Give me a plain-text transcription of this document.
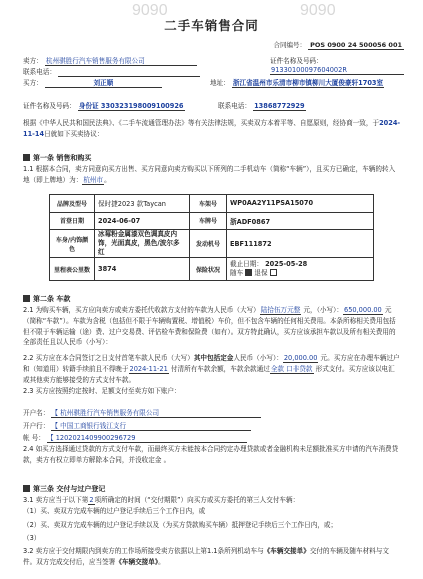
9090	9090
二手车销售合同
合同编号： POS 0900 24 500056 001
卖方： 杭州骐胜行汽车销售服务有限公司	证件名称及号码：
联系电话：	91330100097604002R
买方：	刘正顺	地址： 浙江省温州市乐清市柳市镇柳川大厦俊豪轩1703室
证件名称及号码： 身份证 330323198009100926	联系电话： 13868772929
根据《中华人民共和国民法典》、《二手车流通管理办法》等有关法律法规，买卖双方本着平等、自愿原则，经协商一致，于2024-11-14日就如下买卖协议：
第一条 销售和购买
1.1 根据本合同，卖方同意向买方出售、买方同意向卖方购买以下所列的二手机动车（简称“车辆”），且买方已确定，车辆的转入地（即上牌地）为：杭州市。
品牌及型号	保时捷2023 款Taycan	车架号	WP0AA2Y11PSA15070
首登日期	2024-06-07	车牌号	浙ADF0867
车身/内饰颜色	冰莓粉金属漆双色调真皮内饰，光面真皮，黑色/波尔多红	发动机号	EBF111872
里程表公里数	3874	保险状况	截止日期： 2025-05-28
随车  退保
第二条 车款
2.1 为购买车辆，买方应向卖方或卖方委托代收款方支付的车款为人民币（大写）陆拾伍万元整 元，（小写）：650,000.00 元（简称“车款”）。车款为含税（包括但不限于车辆购置税、增值税）车价，但不包含车辆的任何相关费用。本条所称相关费用包括但不限于车辆运输（途）费、过户交易费、评估检车费和保险费（如有）。双方特此确认，买方应该承担车款以及所有相关费用的全部责任且以人民币（小写）：
2.2 买方应在本合同签订之日支付首笔车款人民币（大写）其中包括定金人民币（小写）：20,000.00 元。买方应在办理车辆过户和（知道用）转籍手续前且不得晚于2024-11-21 付清所有车款余额，车款余款通过全款 口非贷款 形式支付。买方应该以电汇或其他卖方能够接受的方式支付车款。
2.3 买方应按照约定按时、足额支付至卖方如下账户：
开户名： 【 杭州骐胜行汽车销售服务有限公司
开户行： 【 中国工商银行钱江支行
帐 号： 【 1202021409900296729
2.4 如买方选择通过贷款的方式支付车款，而最终买方未能按本合同约定办理贷款或者金融机构未足额批准买方申请的汽车消费贷款，卖方有权立即单方解除本合同，并没收定金 。
第三条 交付与过户登记
3.1 卖方应当于以下第2项所确定的时间（“交付期限”）向买方或买方委托的第三人交付车辆：
（1）买、卖双方完成车辆的过户登记手续后三个工作日内，或
（2）买、卖双方完成车辆的过户登记手续以及（为买方贷款购买车辆）抵押登记手续后三个工作日内，或；
（3）
3.2 卖方应于交付期限内到卖方的工作场所接受卖方依据以上第1.1条所列机动车与《车辆交接单》交付的车辆及随车材料与文件。双方完成交付后，应当签署《车辆交接单》。
